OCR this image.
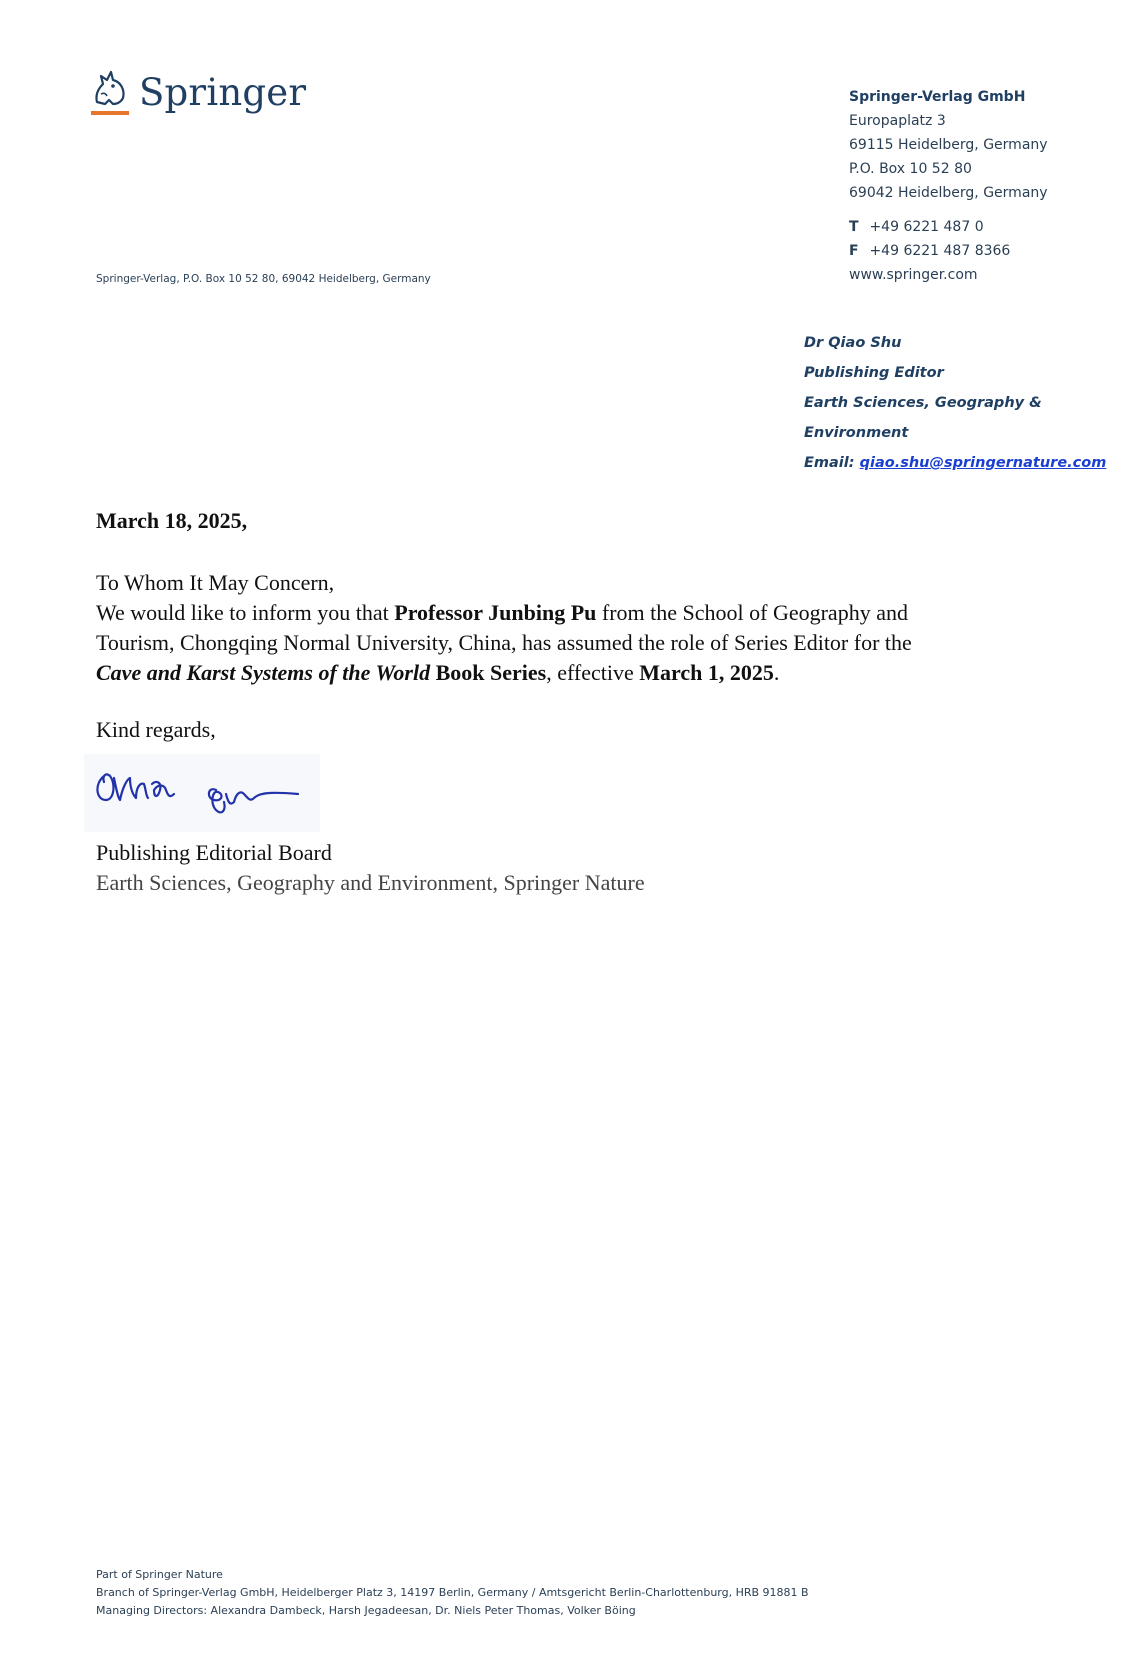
Springer	Springer-Verlag GmbH
Europaplatz 3
69115 Heidelberg, Germany
P.O. Box 10 52 80
69042 Heidelberg, Germany
T +49 6221 487 0
F +49 6221 487 8366
www.springer.com
Springer-Verlag, P.O. Box 10 52 80, 69042 Heidelberg, Germany
Dr Qiao Shu
Publishing Editor
Earth Sciences, Geography & Environment
Email: qiao.shu@springernature.com
March 18, 2025,
To Whom It May Concern,
We would like to inform you that Professor Junbing Pu from the School of Geography and
Tourism, Chongqing Normal University, China, has assumed the role of Series Editor for the
Cave and Karst Systems of the World Book Series, effective March 1, 2025.
Kind regards,
Publishing Editorial Board
Earth Sciences, Geography and Environment, Springer Nature
Part of Springer Nature
Branch of Springer-Verlag GmbH, Heidelberger Platz 3, 14197 Berlin, Germany / Amtsgericht Berlin-Charlottenburg, HRB 91881 B
Managing Directors: Alexandra Dambeck, Harsh Jegadeesan, Dr. Niels Peter Thomas, Volker Böing
